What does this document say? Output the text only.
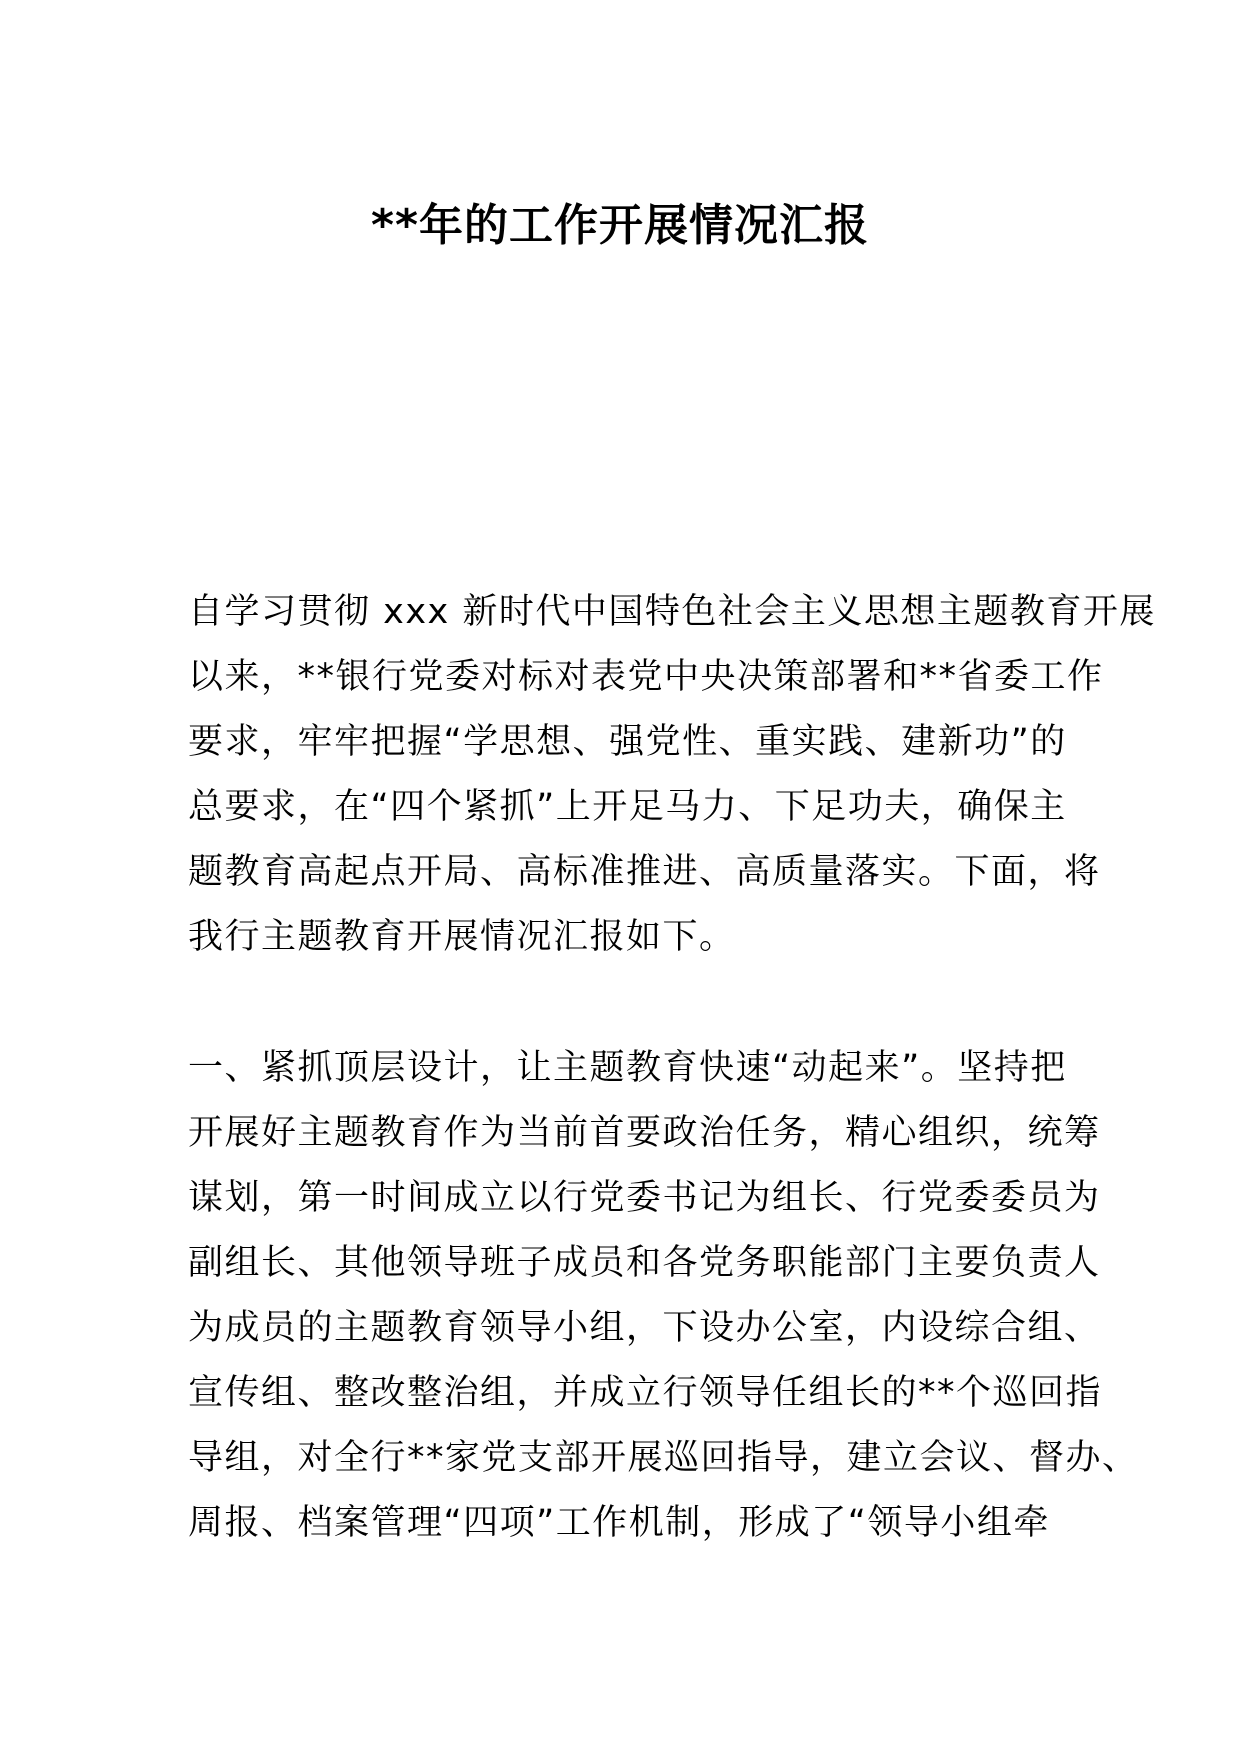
**年的工作开展情况汇报
自学习贯彻 xxx 新时代中国特色社会主义思想主题教育开展
以来，**银行党委对标对表党中央决策部署和**省委工作
要求，牢牢把握“学思想、强党性、重实践、建新功”的
总要求，在“四个紧抓”上开足马力、下足功夫，确保主
题教育高起点开局、高标准推进、高质量落实。下面，将
我行主题教育开展情况汇报如下。
一、紧抓顶层设计，让主题教育快速“动起来”。坚持把
开展好主题教育作为当前首要政治任务，精心组织，统筹
谋划，第一时间成立以行党委书记为组长、行党委委员为
副组长、其他领导班子成员和各党务职能部门主要负责人
为成员的主题教育领导小组，下设办公室，内设综合组、
宣传组、整改整治组，并成立行领导任组长的**个巡回指
导组，对全行**家党支部开展巡回指导，建立会议、督办、
周报、档案管理“四项”工作机制，形成了“领导小组牵
